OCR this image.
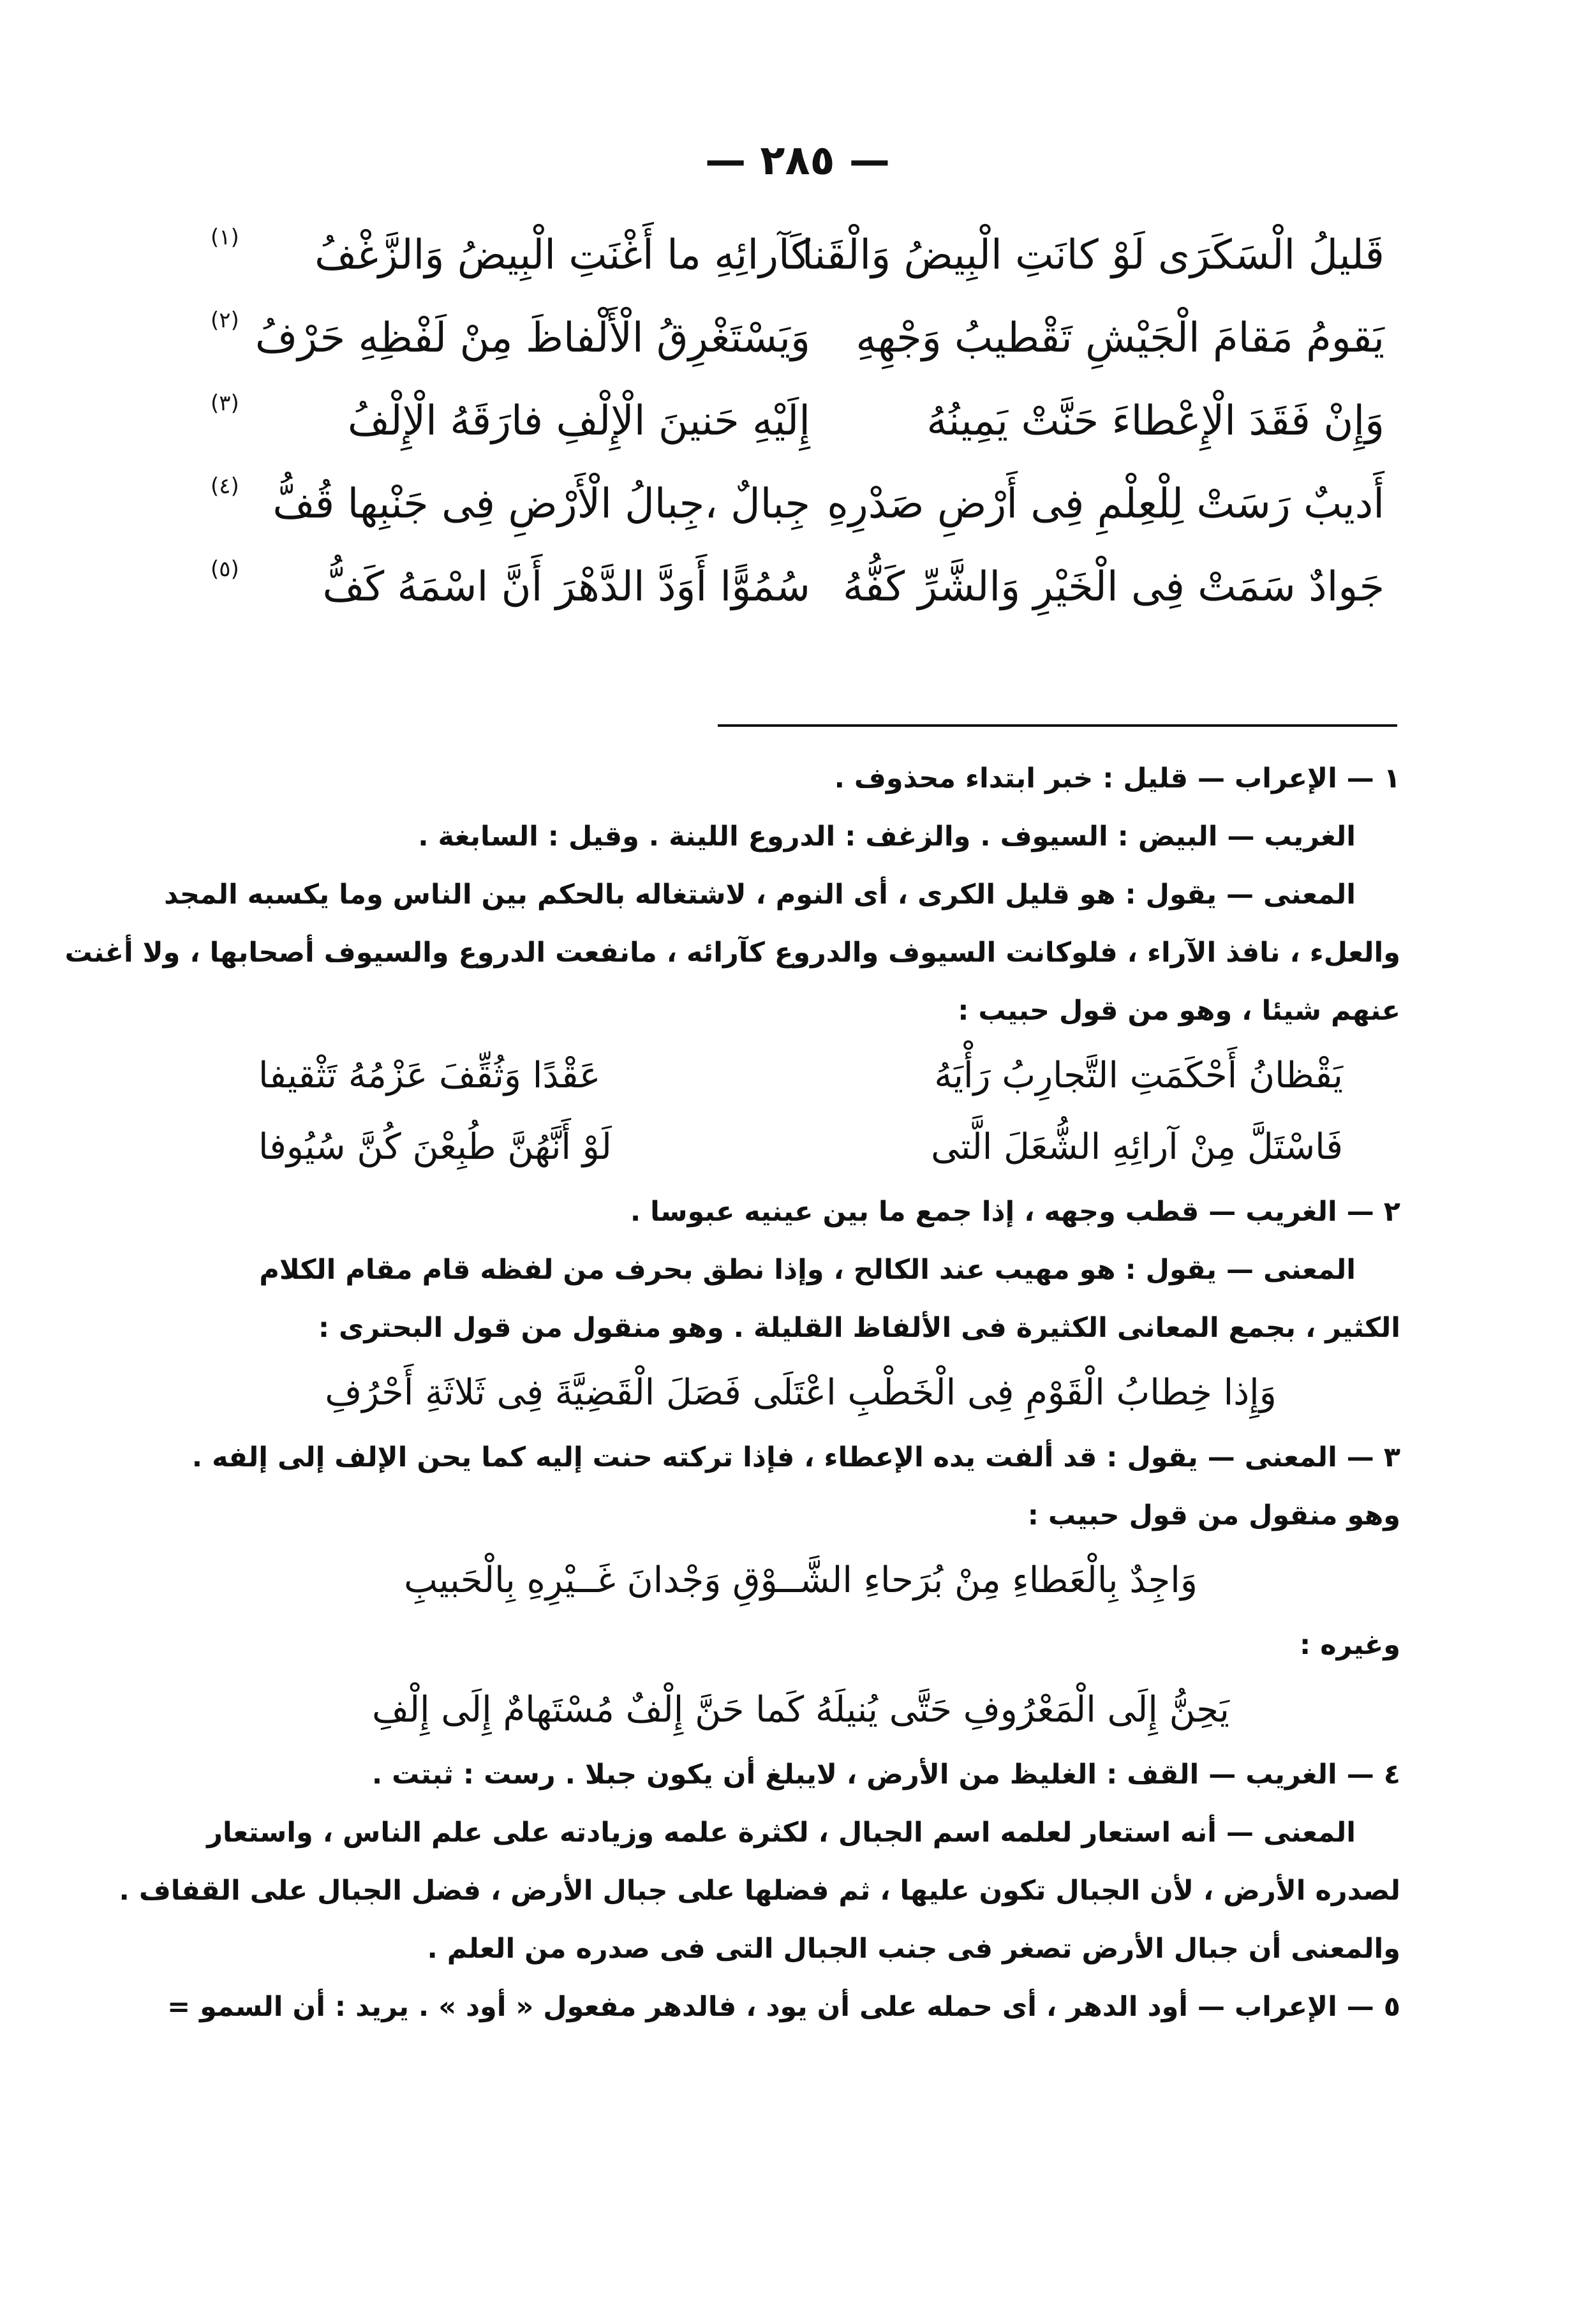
— ٢٨٥ —
قَليلُ الْسَكَرَى لَوْ كانَتِ الْبِيضُ وَالْقَنا
كَآرائِهِ ما أَغْنَتِ الْبِيضُ وَالزَّغْفُ
(١)
يَقومُ مَقامَ الْجَيْشِ تَقْطيبُ وَجْهِهِ
وَيَسْتَغْرِقُ الْأَلْفاظَ مِنْ لَفْظِهِ حَرْفُ
(٢)
وَإِنْ فَقَدَ الْإِعْطاءَ حَنَّتْ يَمِينُهُ
إِلَيْهِ حَنينَ الْإِلْفِ فارَقَهُ الْإِلْفُ
(٣)
أَديبٌ رَسَتْ لِلْعِلْمِ فِى أَرْضِ صَدْرِهِ
جِبالٌ ،جِبالُ الْأَرْضِ فِى جَنْبِها قُفُّ
(٤)
جَوادٌ سَمَتْ فِى الْخَيْرِ وَالشَّرِّ كَفُّهُ
سُمُوًّا أَوَدَّ الدَّهْرَ أَنَّ اسْمَهُ كَفُّ
(٥)

١ — الإعراب — قليل : خبر ابتداء محذوف .

الغريب — البيض : السيوف . والزغف : الدروع اللينة . وقيل : السابغة .

المعنى — يقول : هو قليل الكرى ، أى النوم ، لاشتغاله بالحكم بين الناس وما يكسبه المجد

والعلء ، نافذ الآراء ، فلوكانت السيوف والدروع كآرائه ، مانفعت الدروع والسيوف أصحابها ، ولا أغنت

عنهم شيئا ، وهو من قول حبيب :

يَقْظانُ أَحْكَمَتِ التَّجارِبُ رَأْيَهُ
عَقْدًا وَثُقِّفَ عَزْمُهُ تَثْقيفا
فَاسْتَلَّ مِنْ آرائِهِ الشُّعَلَ الَّتى
لَوْ أَنَّهُنَّ طُبِعْنَ كُنَّ سُيُوفا

٢ — الغريب — قطب وجهه ، إذا جمع ما بين عينيه عبوسا .

المعنى — يقول : هو مهيب عند الكالح ، وإذا نطق بحرف من لفظه قام مقام الكلام

الكثير ، بجمع المعانى الكثيرة فى الألفاظ القليلة . وهو منقول من قول البحترى :

وَإِذا خِطابُ الْقَوْمِ فِى الْخَطْبِ اعْتَلَى فَصَلَ الْقَضِيَّةَ فِى ثَلاثَةِ أَحْرُفِ

٣ — المعنى — يقول : قد ألفت يده الإعطاء ، فإذا تركته حنت إليه كما يحن الإلف إلى إلفه .

وهو منقول من قول حبيب :

وَاجِدٌ بِالْعَطاءِ مِنْ بُرَحاءِ الشَّــوْقِ وَجْدانَ غَــيْرِهِ بِالْحَبيبِ

وغيره :

يَحِنُّ إِلَى الْمَعْرُوفِ حَتَّى يُنيلَهُ كَما حَنَّ إِلْفٌ مُسْتَهامٌ إِلَى إِلْفِ

٤ — الغريب — القف : الغليظ من الأرض ، لايبلغ أن يكون جبلا . رست : ثبتت .

المعنى — أنه استعار لعلمه اسم الجبال ، لكثرة علمه وزيادته على علم الناس ، واستعار

لصدره الأرض ، لأن الجبال تكون عليها ، ثم فضلها على جبال الأرض ، فضل الجبال على القفاف .

والمعنى أن جبال الأرض تصغر فى جنب الجبال التى فى صدره من العلم .

٥ — الإعراب — أود الدهر ، أى حمله على أن يود ، فالدهر مفعول « أود » . يريد : أن السمو =
